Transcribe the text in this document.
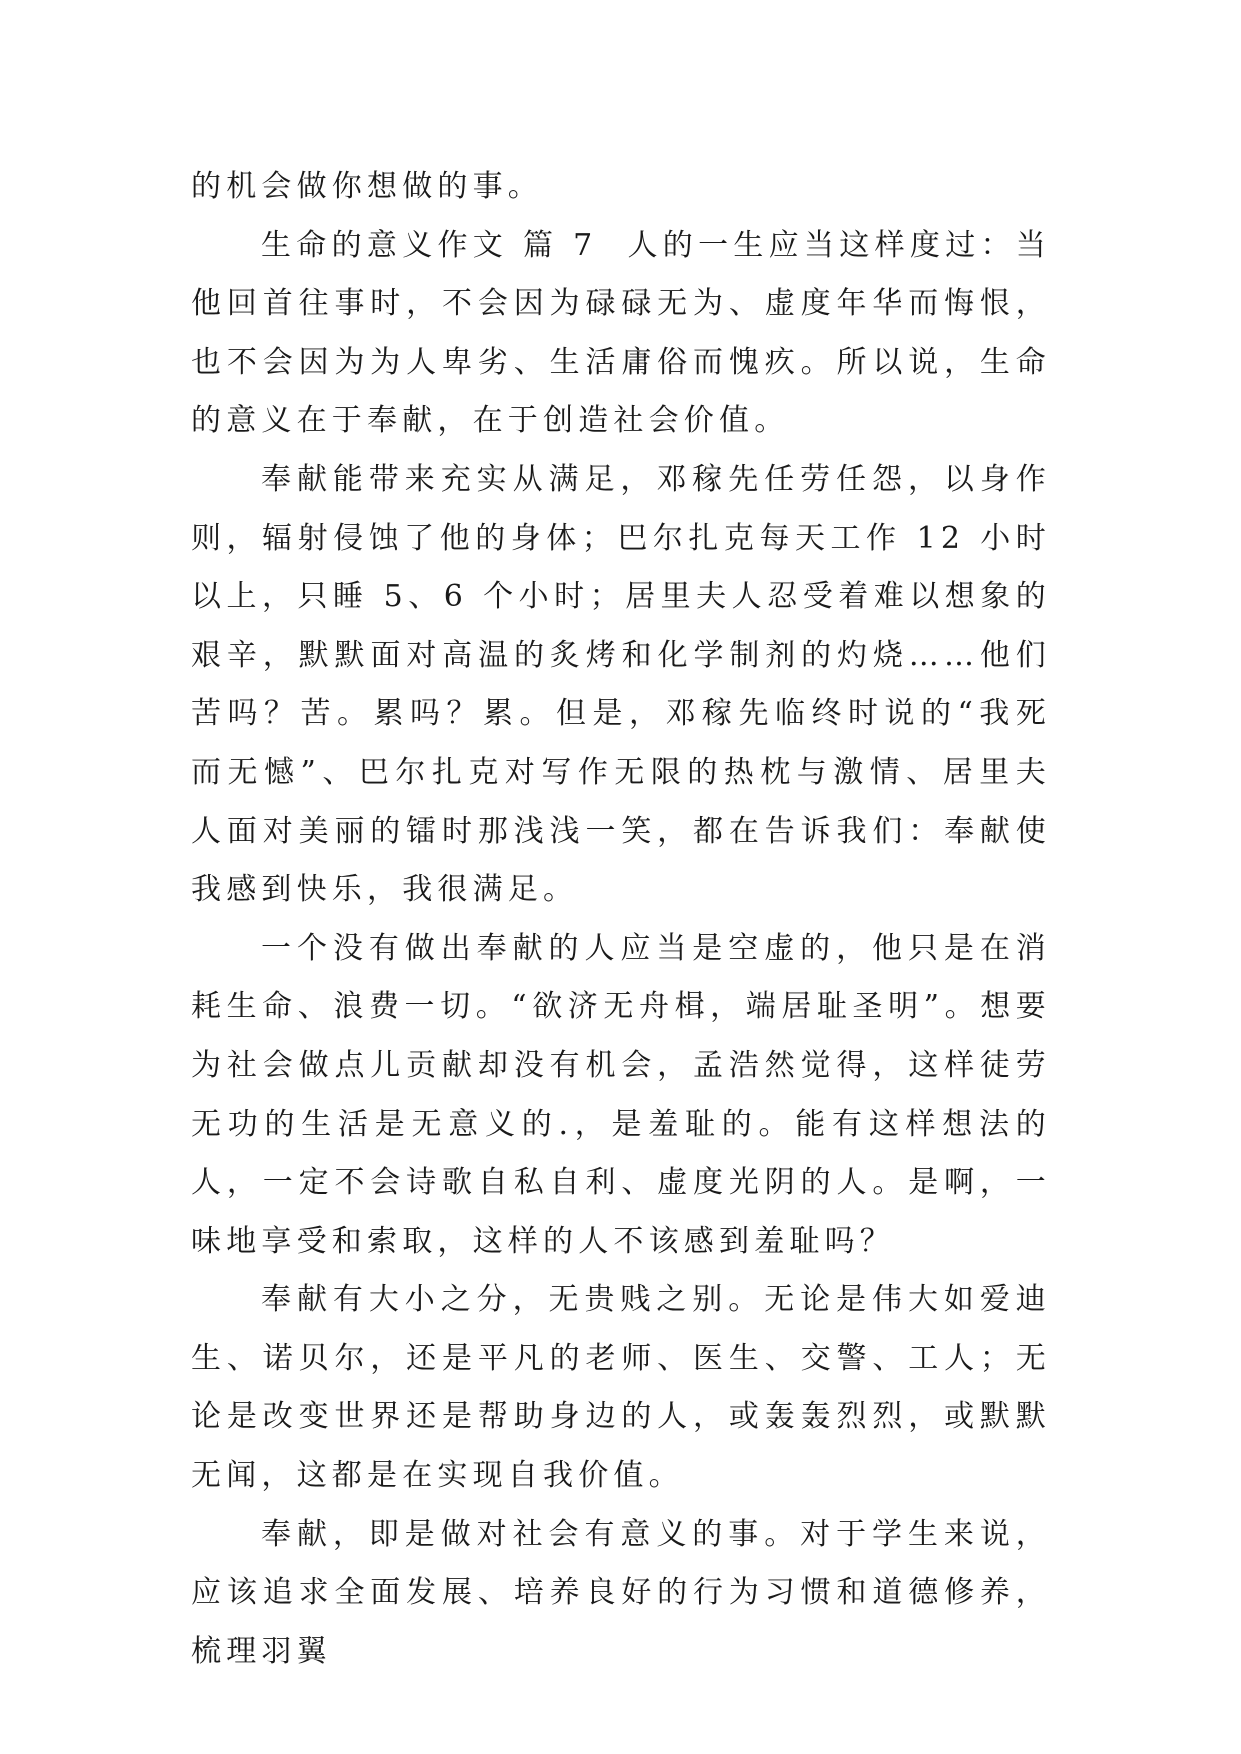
的机会做你想做的事。

生命的意义作文 篇 7 人的一生应当这样度过：当他回首往事时，不会因为碌碌无为、虚度年华而悔恨，也不会因为为人卑劣、生活庸俗而愧疚。所以说，生命的意义在于奉献，在于创造社会价值。

奉献能带来充实从满足，邓稼先任劳任怨，以身作则，辐射侵蚀了他的身体；巴尔扎克每天工作 12 小时以上，只睡 5、6 个小时；居里夫人忍受着难以想象的艰辛，默默面对高温的炙烤和化学制剂的灼烧……他们苦吗？苦。累吗？累。但是，邓稼先临终时说的“我死而无憾”、巴尔扎克对写作无限的热枕与激情、居里夫人面对美丽的镭时那浅浅一笑，都在告诉我们：奉献使我感到快乐，我很满足。

一个没有做出奉献的人应当是空虚的，他只是在消耗生命、浪费一切。“欲济无舟楫，端居耻圣明”。想要为社会做点儿贡献却没有机会，孟浩然觉得，这样徒劳无功的生活是无意义的.，是羞耻的。能有这样想法的人，一定不会诗歌自私自利、虚度光阴的人。是啊，一味地享受和索取，这样的人不该感到羞耻吗？

奉献有大小之分，无贵贱之别。无论是伟大如爱迪生、诺贝尔，还是平凡的老师、医生、交警、工人；无论是改变世界还是帮助身边的人，或轰轰烈烈，或默默无闻，这都是在实现自我价值。

奉献，即是做对社会有意义的事。对于学生来说，应该追求全面发展、培养良好的行为习惯和道德修养，梳理羽翼
